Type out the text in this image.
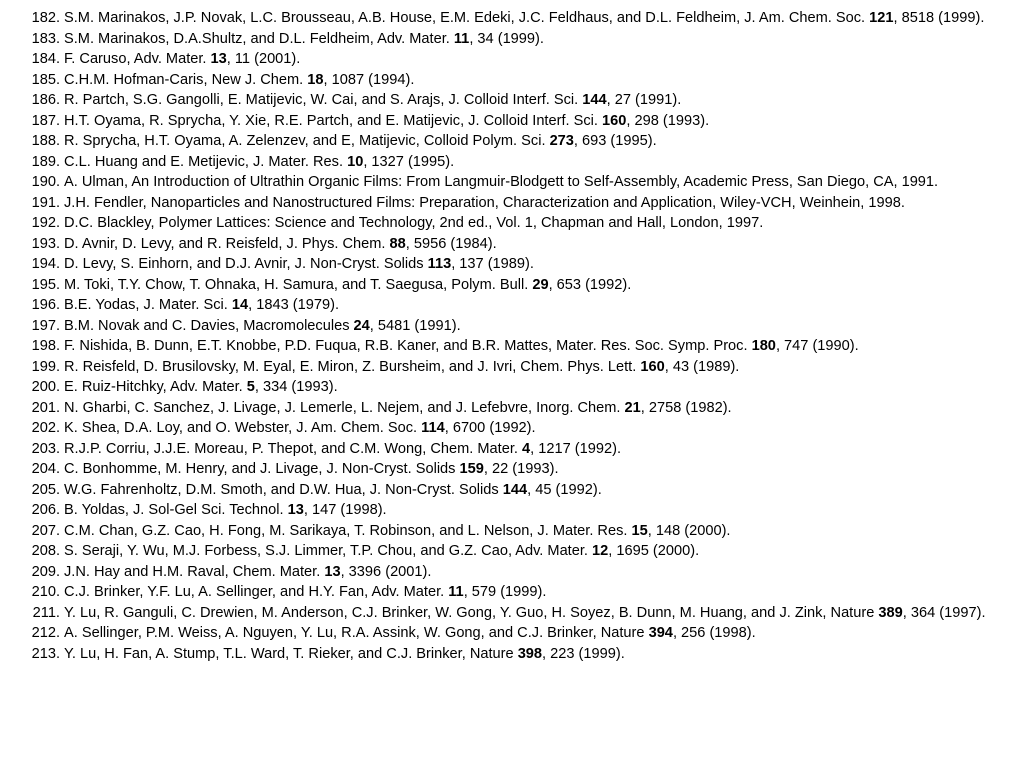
182. S.M. Marinakos, J.P. Novak, L.C. Brousseau, A.B. House, E.M. Edeki, J.C. Feldhaus, and D.L. Feldheim, J. Am. Chem. Soc. 121, 8518 (1999).
183. S.M. Marinakos, D.A.Shultz, and D.L. Feldheim, Adv. Mater. 11, 34 (1999).
184. F. Caruso, Adv. Mater. 13, 11 (2001).
185. C.H.M. Hofman-Caris, New J. Chem. 18, 1087 (1994).
186. R. Partch, S.G. Gangolli, E. Matijevic, W. Cai, and S. Arajs, J. Colloid Interf. Sci. 144, 27 (1991).
187. H.T. Oyama, R. Sprycha, Y. Xie, R.E. Partch, and E. Matijevic, J. Colloid Interf. Sci. 160, 298 (1993).
188. R. Sprycha, H.T. Oyama, A. Zelenzev, and E, Matijevic, Colloid Polym. Sci. 273, 693 (1995).
189. C.L. Huang and E. Metijevic, J. Mater. Res. 10, 1327 (1995).
190. A. Ulman, An Introduction of Ultrathin Organic Films: From Langmuir-Blodgett to Self-Assembly, Academic Press, San Diego, CA, 1991.
191. J.H. Fendler, Nanoparticles and Nanostructured Films: Preparation, Characterization and Application, Wiley-VCH, Weinhein, 1998.
192. D.C. Blackley, Polymer Lattices: Science and Technology, 2nd ed., Vol. 1, Chapman and Hall, London, 1997.
193. D. Avnir, D. Levy, and R. Reisfeld, J. Phys. Chem. 88, 5956 (1984).
194. D. Levy, S. Einhorn, and D.J. Avnir, J. Non-Cryst. Solids 113, 137 (1989).
195. M. Toki, T.Y. Chow, T. Ohnaka, H. Samura, and T. Saegusa, Polym. Bull. 29, 653 (1992).
196. B.E. Yodas, J. Mater. Sci. 14, 1843 (1979).
197. B.M. Novak and C. Davies, Macromolecules 24, 5481 (1991).
198. F. Nishida, B. Dunn, E.T. Knobbe, P.D. Fuqua, R.B. Kaner, and B.R. Mattes, Mater. Res. Soc. Symp. Proc. 180, 747 (1990).
199. R. Reisfeld, D. Brusilovsky, M. Eyal, E. Miron, Z. Bursheim, and J. Ivri, Chem. Phys. Lett. 160, 43 (1989).
200. E. Ruiz-Hitchky, Adv. Mater. 5, 334 (1993).
201. N. Gharbi, C. Sanchez, J. Livage, J. Lemerle, L. Nejem, and J. Lefebvre, Inorg. Chem. 21, 2758 (1982).
202. K. Shea, D.A. Loy, and O. Webster, J. Am. Chem. Soc. 114, 6700 (1992).
203. R.J.P. Corriu, J.J.E. Moreau, P. Thepot, and C.M. Wong, Chem. Mater. 4, 1217 (1992).
204. C. Bonhomme, M. Henry, and J. Livage, J. Non-Cryst. Solids 159, 22 (1993).
205. W.G. Fahrenholtz, D.M. Smoth, and D.W. Hua, J. Non-Cryst. Solids 144, 45 (1992).
206. B. Yoldas, J. Sol-Gel Sci. Technol. 13, 147 (1998).
207. C.M. Chan, G.Z. Cao, H. Fong, M. Sarikaya, T. Robinson, and L. Nelson, J. Mater. Res. 15, 148 (2000).
208. S. Seraji, Y. Wu, M.J. Forbess, S.J. Limmer, T.P. Chou, and G.Z. Cao, Adv. Mater. 12, 1695 (2000).
209. J.N. Hay and H.M. Raval, Chem. Mater. 13, 3396 (2001).
210. C.J. Brinker, Y.F. Lu, A. Sellinger, and H.Y. Fan, Adv. Mater. 11, 579 (1999).
211. Y. Lu, R. Ganguli, C. Drewien, M. Anderson, C.J. Brinker, W. Gong, Y. Guo, H. Soyez, B. Dunn, M. Huang, and J. Zink, Nature 389, 364 (1997).
212. A. Sellinger, P.M. Weiss, A. Nguyen, Y. Lu, R.A. Assink, W. Gong, and C.J. Brinker, Nature 394, 256 (1998).
213. Y. Lu, H. Fan, A. Stump, T.L. Ward, T. Rieker, and C.J. Brinker, Nature 398, 223 (1999).
